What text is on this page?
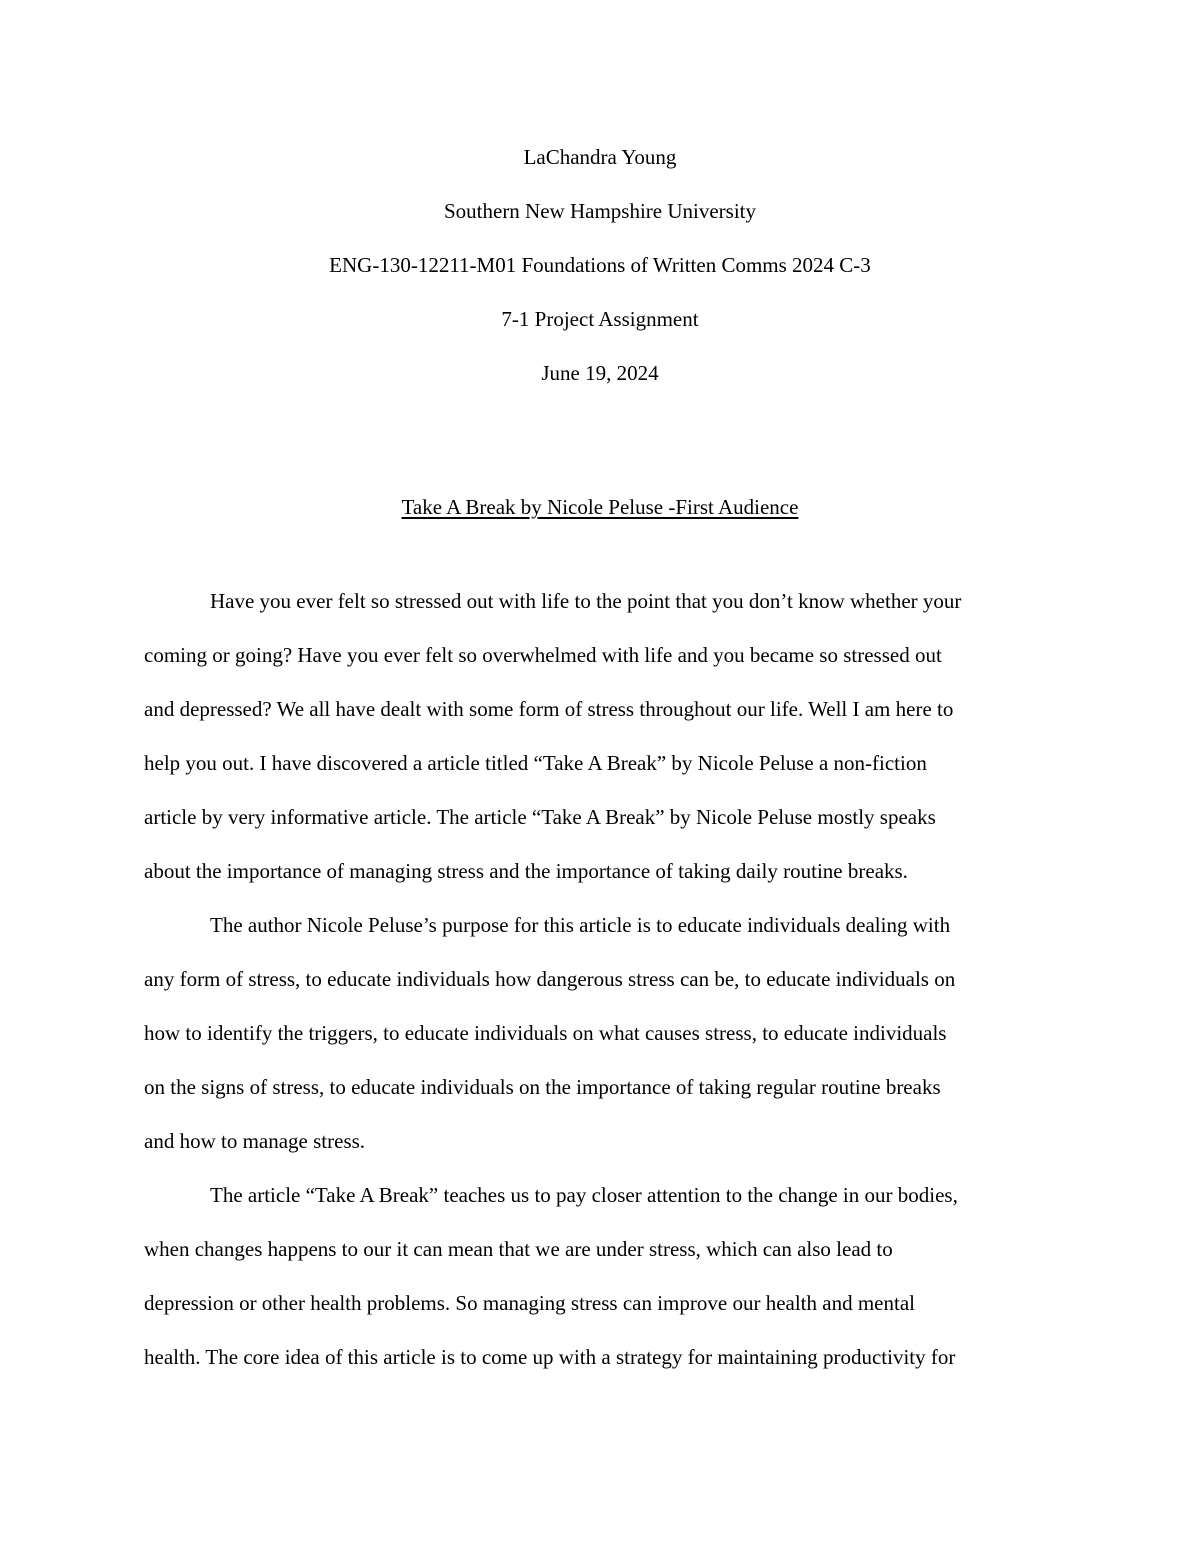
LaChandra Young
Southern New Hampshire University
ENG-130-12211-M01 Foundations of Written Comms 2024 C-3
7-1 Project Assignment
June 19, 2024
Take A Break by Nicole Peluse -First Audience

Have you ever felt so stressed out with life to the point that you don’t know whether your
coming or going? Have you ever felt so overwhelmed with life and you became so stressed out
and depressed? We all have dealt with some form of stress throughout our life. Well I am here to
help you out. I have discovered a article titled “Take A Break” by Nicole Peluse a non-fiction
article by very informative article. The article “Take A Break” by Nicole Peluse mostly speaks
about the importance of managing stress and the importance of taking daily routine breaks.

The author Nicole Peluse’s purpose for this article is to educate individuals dealing with
any form of stress, to educate individuals how dangerous stress can be, to educate individuals on
how to identify the triggers, to educate individuals on what causes stress, to educate individuals
on the signs of stress, to educate individuals on the importance of taking regular routine breaks
and how to manage stress.

The article “Take A Break” teaches us to pay closer attention to the change in our bodies,
when changes happens to our it can mean that we are under stress, which can also lead to
depression or other health problems. So managing stress can improve our health and mental
health. The core idea of this article is to come up with a strategy for maintaining productivity for
